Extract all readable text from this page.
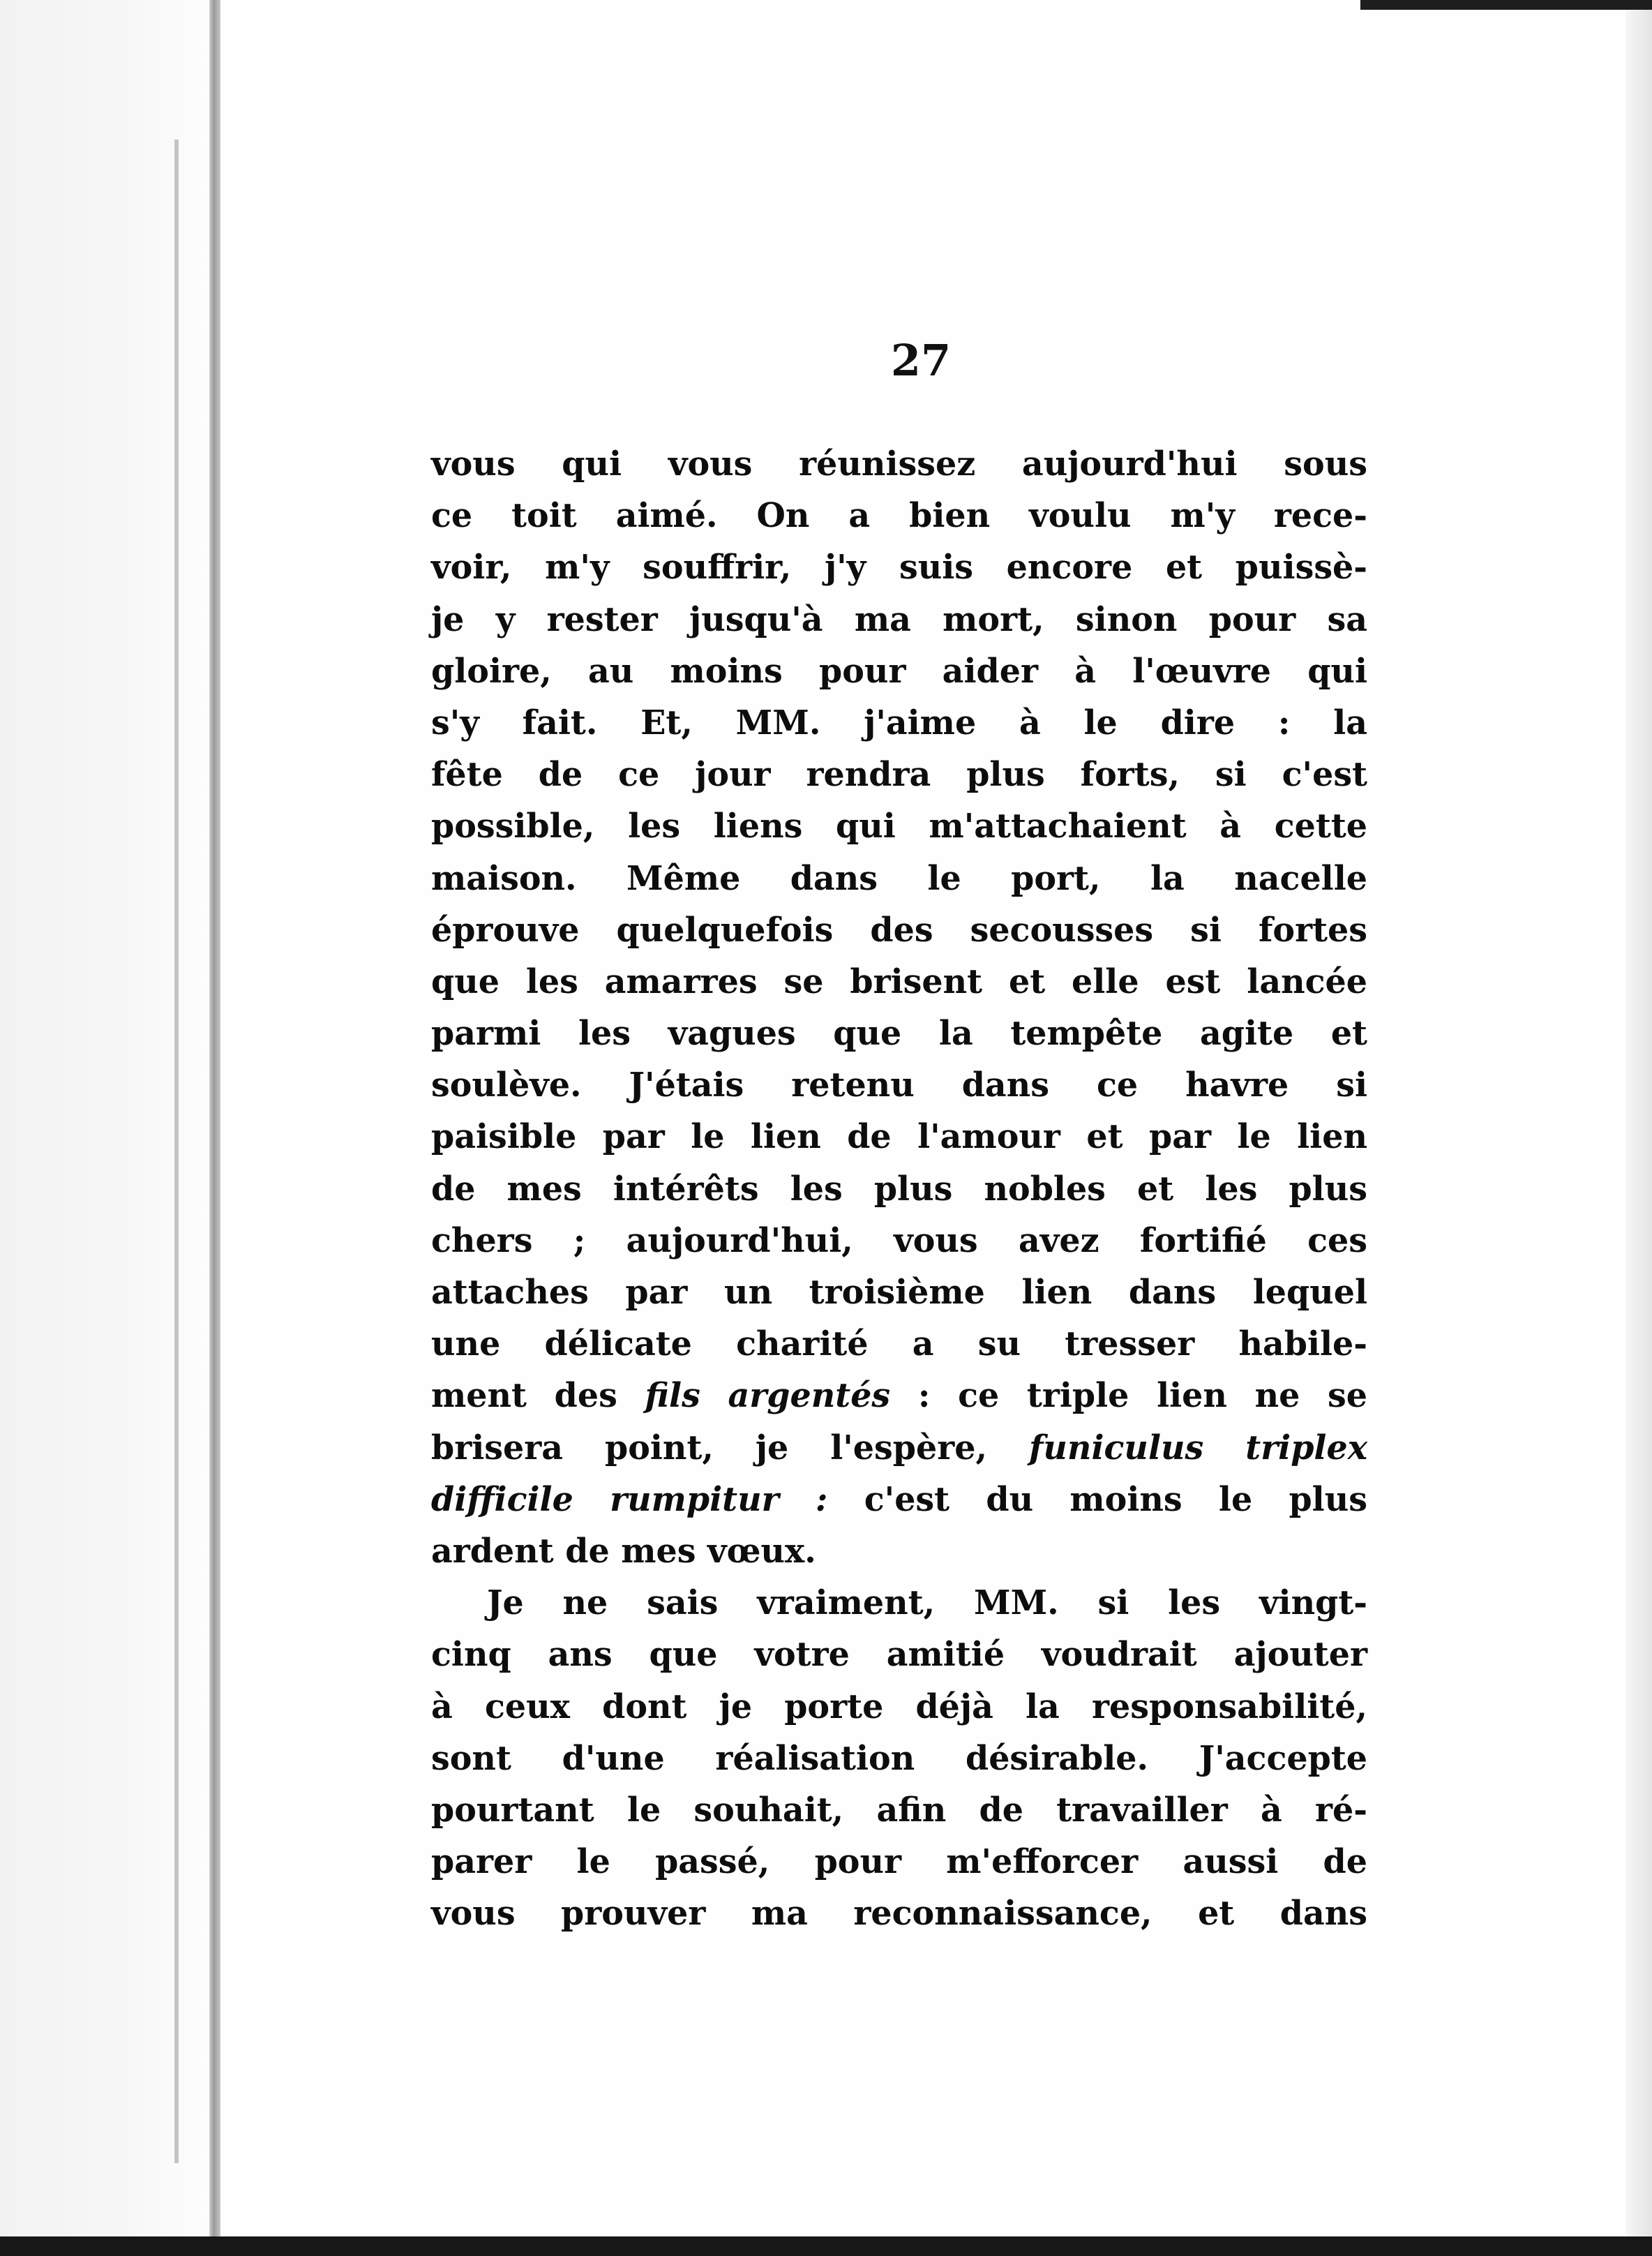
27
vous qui vous réunissez aujourd'hui sous
ce toit aimé. On a bien voulu m'y rece-
voir, m'y souffrir, j'y suis encore et puissè-
je y rester jusqu'à ma mort, sinon pour sa
gloire, au moins pour aider à l'œuvre qui
s'y fait. Et, MM. j'aime à le dire : la
fête de ce jour rendra plus forts, si c'est
possible, les liens qui m'attachaient à cette
maison. Même dans le port, la nacelle
éprouve quelquefois des secousses si fortes
que les amarres se brisent et elle est lancée
parmi les vagues que la tempête agite et
soulève. J'étais retenu dans ce havre si
paisible par le lien de l'amour et par le lien
de mes intérêts les plus nobles et les plus
chers ; aujourd'hui, vous avez fortifié ces
attaches par un troisième lien dans lequel
une délicate charité a su tresser habile-
ment des fils argentés : ce triple lien ne se
brisera point, je l'espère, funiculus triplex
difficile rumpitur : c'est du moins le plus
ardent de mes vœux.
Je ne sais vraiment, MM. si les vingt-
cinq ans que votre amitié voudrait ajouter
à ceux dont je porte déjà la responsabilité,
sont d'une réalisation désirable. J'accepte
pourtant le souhait, afin de travailler à ré-
parer le passé, pour m'efforcer aussi de
vous prouver ma reconnaissance, et dans
